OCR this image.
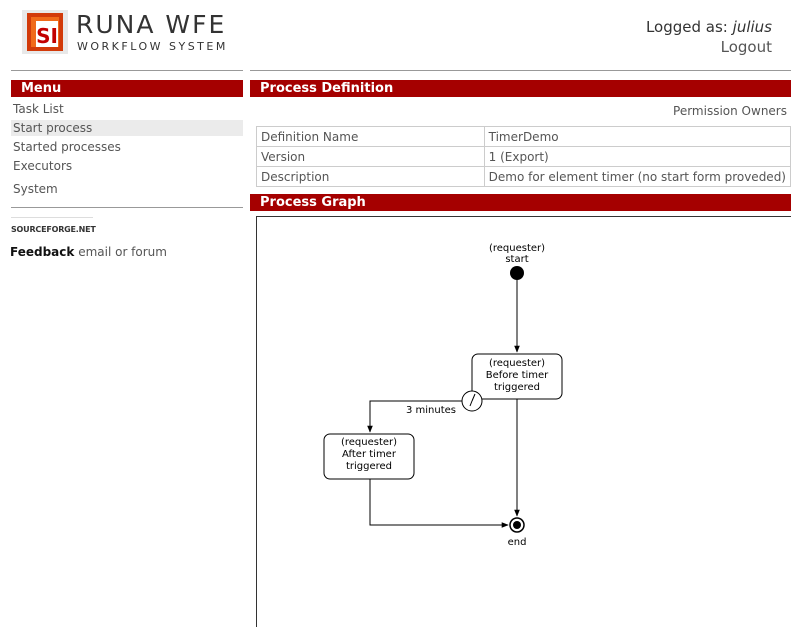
SI RUNA WFE
WORKFLOW SYSTEM
Logged as: julius
Logout
Menu
Task List
Start process
Started processes
Executors
System
SOURCEFORGE.NET
Feedback email or forum
Process Definition
Permission Owners
Definition Name	TimerDemo
Version	1 (Export)
Description	Demo for element timer (no start form proveded)
Process Graph
(requester)
start
(requester)
Before timer
triggered
3 minutes
(requester)
After timer
triggered
end
